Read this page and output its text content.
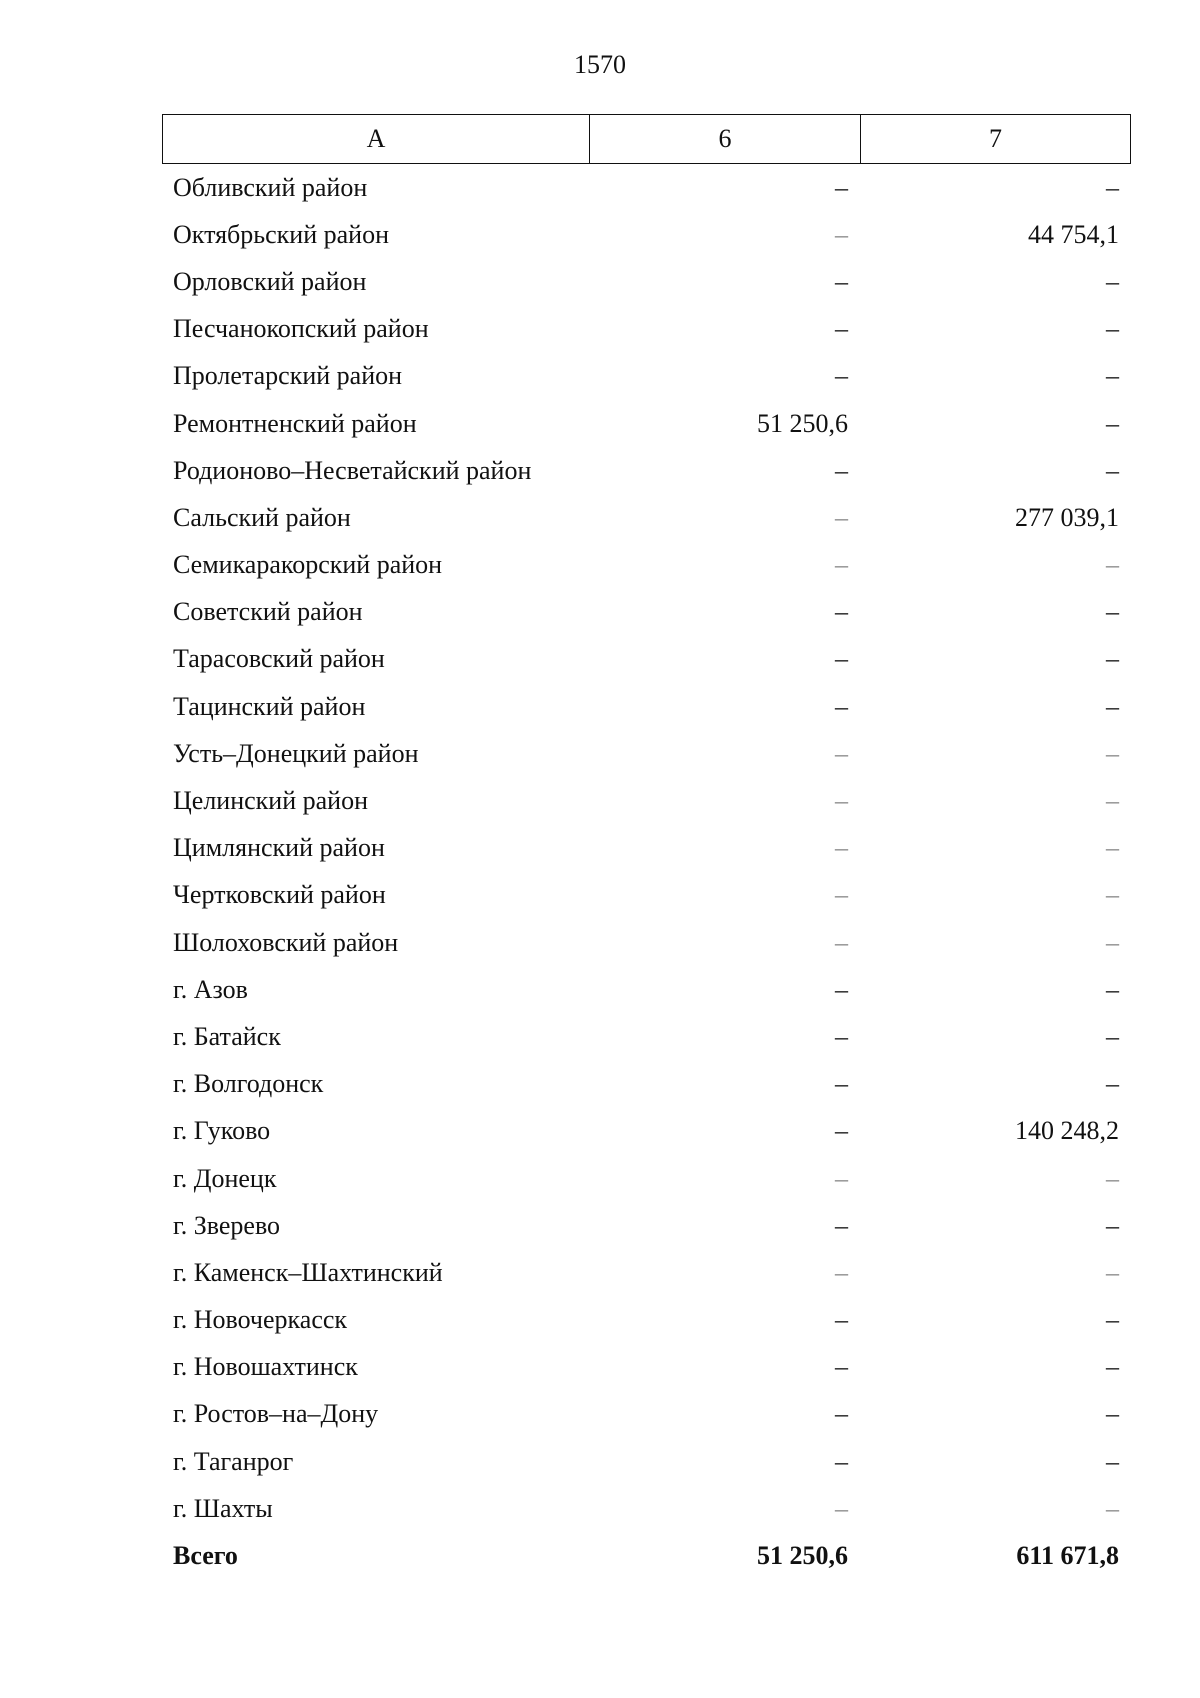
1570
А	6	7
Обливский район	–	–
Октябрьский район	–	44 754,1
Орловский район	–	–
Песчанокопский район	–	–
Пролетарский район	–	–
Ремонтненский район	51 250,6	–
Родионово–Несветайский район	–	–
Сальский район	–	277 039,1
Семикаракорский район	–	–
Советский район	–	–
Тарасовский район	–	–
Тацинский район	–	–
Усть–Донецкий район	–	–
Целинский район	–	–
Цимлянский район	–	–
Чертковский район	–	–
Шолоховский район	–	–
г. Азов	–	–
г. Батайск	–	–
г. Волгодонск	–	–
г. Гуково	–	140 248,2
г. Донецк	–	–
г. Зверево	–	–
г. Каменск–Шахтинский	–	–
г. Новочеркасск	–	–
г. Новошахтинск	–	–
г. Ростов–на–Дону	–	–
г. Таганрог	–	–
г. Шахты	–	–
Всего	51 250,6	611 671,8
